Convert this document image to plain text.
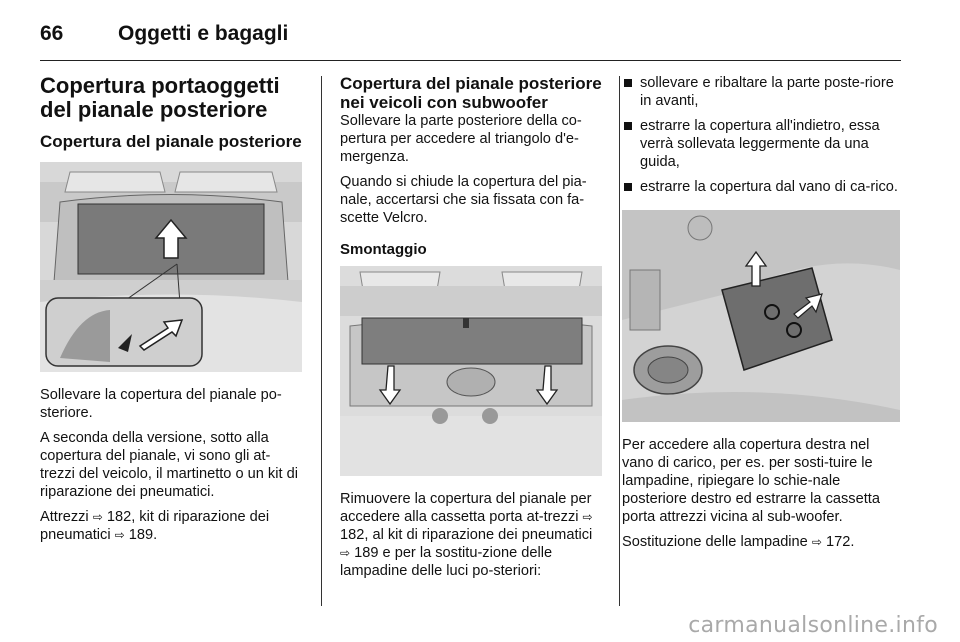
66	Oggetti e bagagli
Copertura portaoggetti del pianale posteriore
Copertura del pianale posteriore

Sollevare la copertura del pianale po-steriore.

A seconda della versione, sotto alla copertura del pianale, vi sono gli at-trezzi del veicolo, il martinetto o un kit di riparazione dei pneumatici.

Attrezzi ⇨ 182, kit di riparazione dei pneumatici ⇨ 189.

Copertura del pianale posteriore nei veicoli con subwoofer

Sollevare la parte posteriore della co-pertura per accedere al triangolo d'e-mergenza.

Quando si chiude la copertura del pia-nale, accertarsi che sia fissata con fa-scette Velcro.

Smontaggio

Rimuovere la copertura del pianale per accedere alla cassetta porta at-trezzi ⇨ 182, al kit di riparazione dei pneumatici ⇨ 189 e per la sostitu-zione delle lampadine delle luci po-steriori:

sollevare e ribaltare la parte poste-riore in avanti,
estrarre la copertura all'indietro, essa verrà sollevata leggermente da una guida,
estrarre la copertura dal vano di ca-rico.

Per accedere alla copertura destra nel vano di carico, per es. per sosti-tuire le lampadine, ripiegare lo schie-nale posteriore destro ed estrarre la cassetta porta attrezzi vicina al sub-woofer.

Sostituzione delle lampadine ⇨ 172.

carmanualsonline.info
